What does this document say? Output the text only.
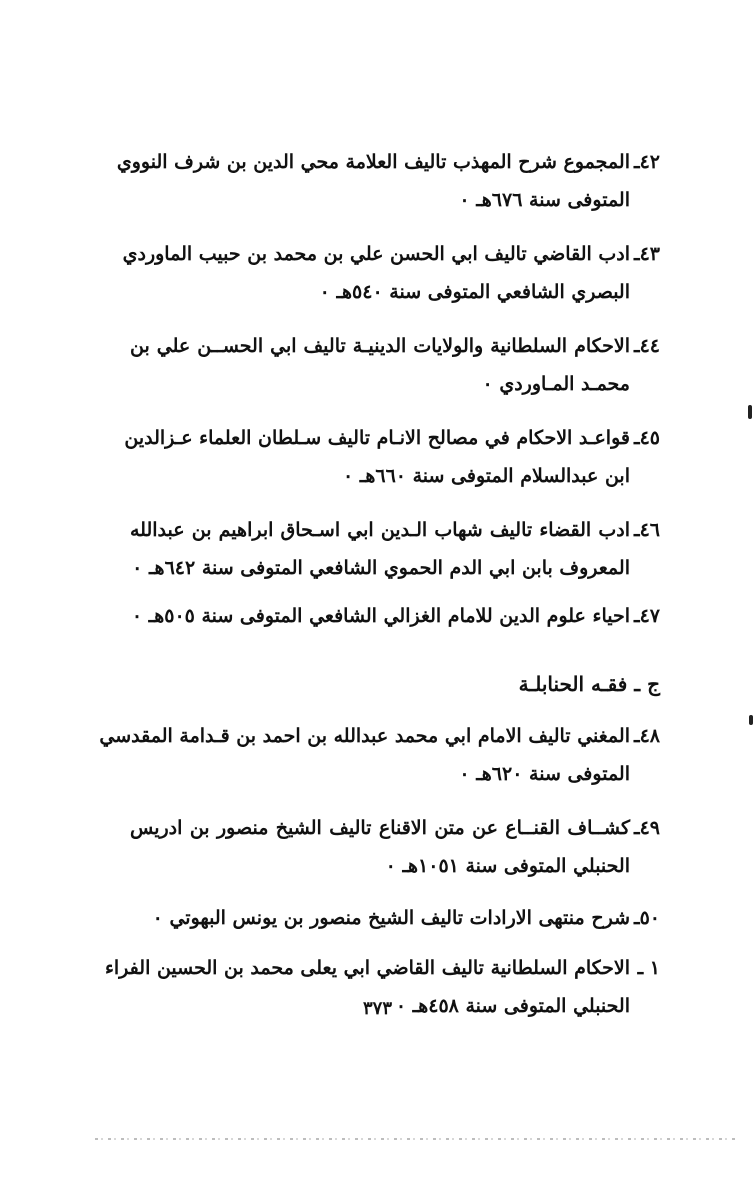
٤٢ـ
المجموع شرح المهذب تاليف العلامة محي الدين بن شرف النووي
المتوفى سنة ٦٧٦هـ ٠
٤٣ـ
ادب القاضي تاليف ابي الحسن علي بن محمد بن حبيب الماوردي
البصري الشافعي المتوفى سنة ٥٤٠هـ ٠
٤٤ـ
الاحكام السلطانية والولايات الدينيـة تاليف ابي الحســن علي بن
محمـد المـاوردي ٠
٤٥ـ
قواعـد الاحكام في مصالح الانـام تاليف سـلطان العلماء عـزالدين
ابن عبدالسلام المتوفى سنة ٦٦٠هـ ٠
٤٦ـ
ادب القضاء تاليف شهاب الـدين ابي اسـحاق ابراهيم بن عبدالله
المعروف بابن ابي الدم الحموي الشافعي المتوفى سنة ٦٤٢هـ ٠
٤٧ـ
احياء علوم الدين للامام الغزالي الشافعي المتوفى سنة ٥٠٥هـ ٠
ج ـ فقـه الحنابلـة
٤٨ـ
المغني تاليف الامام ابي محمد عبدالله بن احمد بن قـدامة المقدسي
المتوفى سنة ٦٢٠هـ ٠
٤٩ـ
كشــاف القنــاع عن متن الاقناع تاليف الشيخ منصور بن ادريس
الحنبلي المتوفى سنة ١٠٥١هـ ٠
٥٠ـ
شرح منتهى الارادات تاليف الشيخ منصور بن يونس البهوتي ٠
١ ـ
الاحكام السلطانية تاليف القاضي ابي يعلى محمد بن الحسين الفراء
الحنبلي المتوفى سنة ٤٥٨هـ ٠
٣٧٣
